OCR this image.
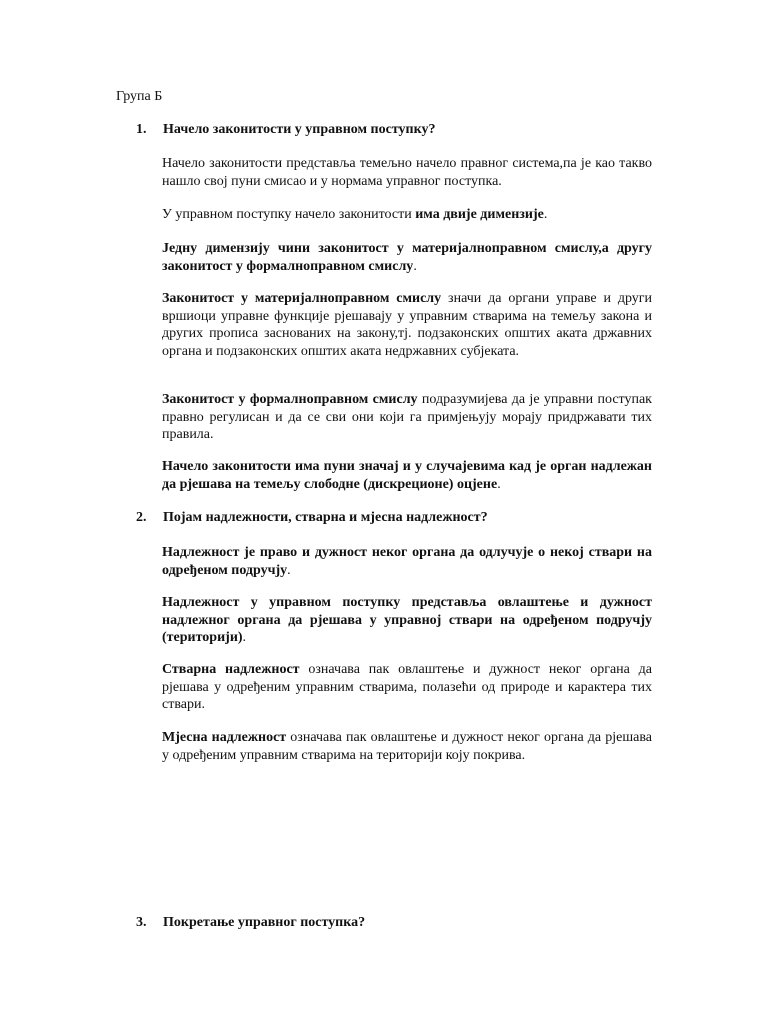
Група Б
1.	Начело законитости у управном поступку?

Начело законитости представља темељно начело правног система,па је као такво нашло свој пуни смисао и у нормама управног поступка.

У управном поступку начело законитости има двије димензије.

Једну димензију чини законитост у материјалноправном смислу,а другу законитост у формалноправном смислу.

Законитост у материјалноправном смислу значи да органи управе и други вршиоци управне функције рјешавају у управним стварима на темељу закона и других прописа заснованих на закону,тј. подзаконских општих аката државних органа и подзаконских општих аката недржавних субјеката.

Законитост у формалноправном смислу подразумијева да је управни поступак правно регулисан и да се сви они који га примјењују морају придржавати тих правила.

Начело законитости има пуни значај и у случајевима кад је орган надлежан да рјешава на темељу слободне (дискреционе) оцјене.

2.	Појам надлежности, стварна и мјесна надлежност?

Надлежност је право и дужност неког органа да одлучује о некој ствари на одређеном подручју.

Надлежност у управном поступку представља овлаштење и дужност надлежног органа да рјешава у управној ствари на одређеном подручју (територији).

Стварна надлежност означава пак овлаштење и дужност неког органа да рјешава у одређеним управним стварима, полазећи од природе и карактера тих ствари.

Мјесна надлежност означава пак овлаштење и дужност неког органа да рјешава у одређеним управним стварима на територији коју покрива.

3.	Покретање управног поступка?
